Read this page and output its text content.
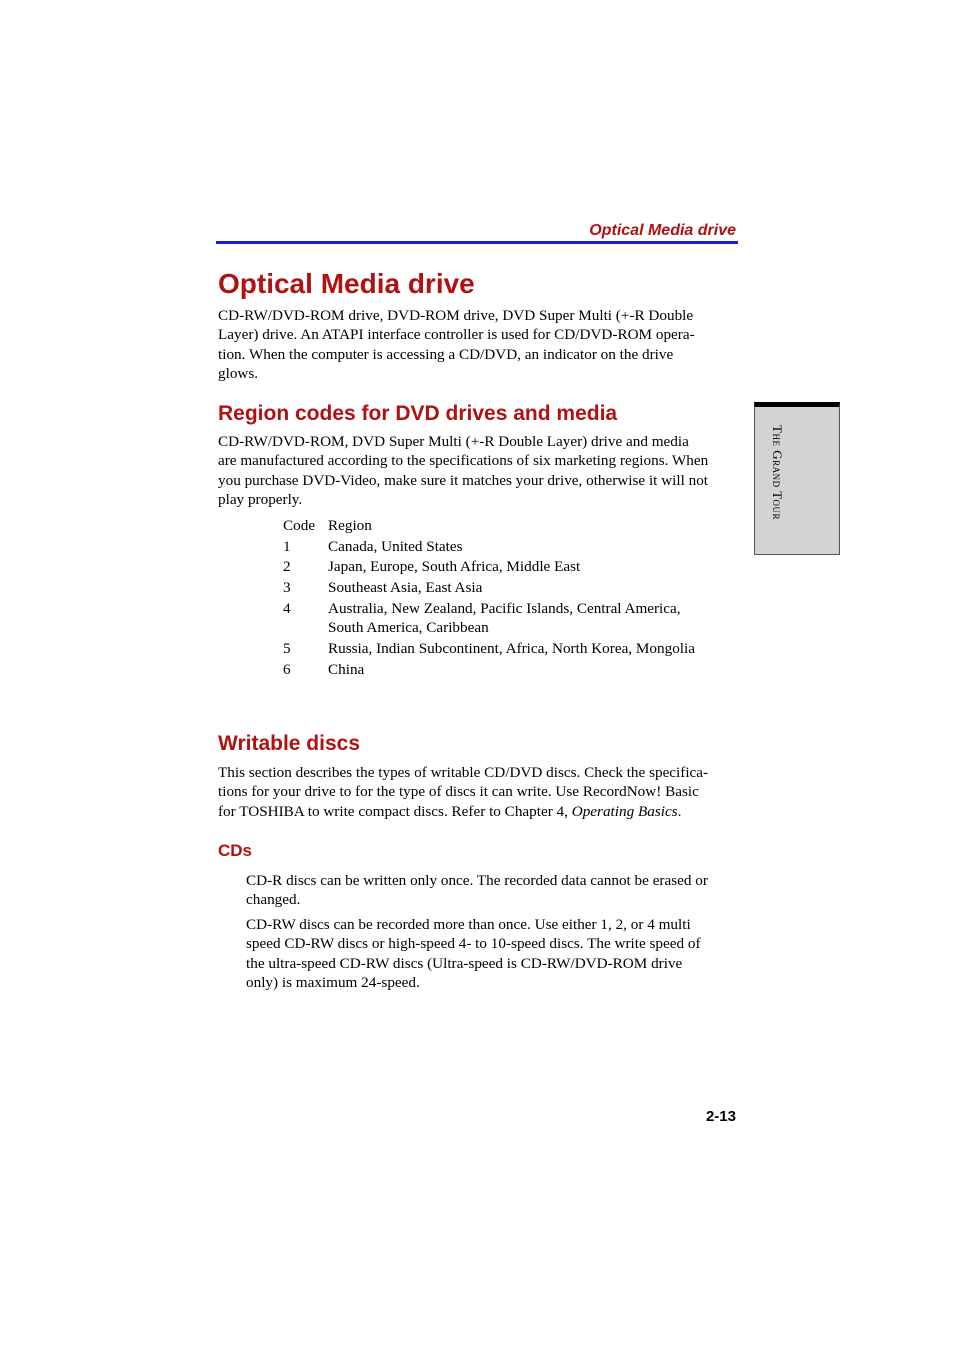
Optical Media drive
Optical Media drive
CD-RW/DVD-ROM drive, DVD-ROM drive, DVD Super Multi (+-R Double
Layer) drive. An ATAPI interface controller is used for CD/DVD-ROM opera-
tion. When the computer is accessing a CD/DVD, an indicator on the drive
glows.
Region codes for DVD drives and media
CD-RW/DVD-ROM, DVD Super Multi (+-R Double Layer) drive and media
are manufactured according to the specifications of six marketing regions. When
you purchase DVD-Video, make sure it matches your drive, otherwise it will not
play properly.
Code Region
1	Canada, United States
2	Japan, Europe, South Africa, Middle East
3	Southeast Asia, East Asia
4	Australia, New Zealand, Pacific Islands, Central America,
South America, Caribbean
5	Russia, Indian Subcontinent, Africa, North Korea, Mongolia
6	China
Writable discs
This section describes the types of writable CD/DVD discs. Check the specifica-
tions for your drive to for the type of discs it can write. Use RecordNow! Basic
for TOSHIBA to write compact discs. Refer to Chapter 4, Operating Basics.
CDs
CD-R discs can be written only once. The recorded data cannot be erased or
changed.
CD-RW discs can be recorded more than once. Use either 1, 2, or 4 multi
speed CD-RW discs or high-speed 4- to 10-speed discs. The write speed of
the ultra-speed CD-RW discs (Ultra-speed is CD-RW/DVD-ROM drive
only) is maximum 24-speed.
2-13
The Grand Tour
